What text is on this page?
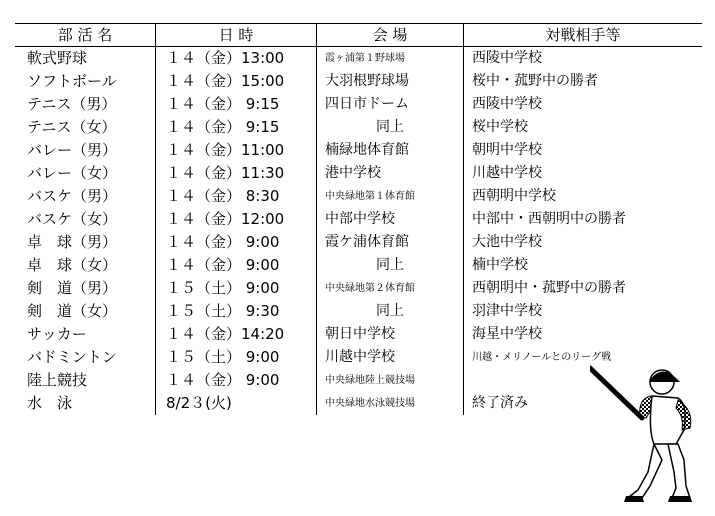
部 活 名	日 時	会 場	対戦相手等
軟式野球	１４（金）13:00	霞ヶ浦第１野球場	西陵中学校
ソフトボール	１４（金）15:00	大羽根野球場	桜中・菰野中の勝者
テニス（男）	１４（金） 9:15	四日市ドーム	西陵中学校
テニス（女）	１４（金） 9:15	同上	桜中学校
バレー（男）	１４（金）11:00	楠緑地体育館	朝明中学校
バレー（女）	１４（金）11:30	港中学校	川越中学校
バスケ（男）	１４（金） 8:30	中央緑地第１体育館	西朝明中学校
バスケ（女）	１４（金）12:00	中部中学校	中部中・西朝明中の勝者
卓　球（男）	１４（金） 9:00	霞ケ浦体育館	大池中学校
卓　球（女）	１４（金） 9:00	同上	楠中学校
剣　道（男）	１５（土） 9:00	中央緑地第２体育館	西朝明中・菰野中の勝者
剣　道（女）	１５（土） 9:30	同上	羽津中学校
サッカー	１４（金）14:20	朝日中学校	海星中学校
バドミントン	１５（土） 9:00	川越中学校	川越・メリノールとのリーグ戦
陸上競技	１４（金） 9:00	中央緑地陸上競技場	
水　泳	8/2３(火)	中央緑地水泳競技場	終了済み
